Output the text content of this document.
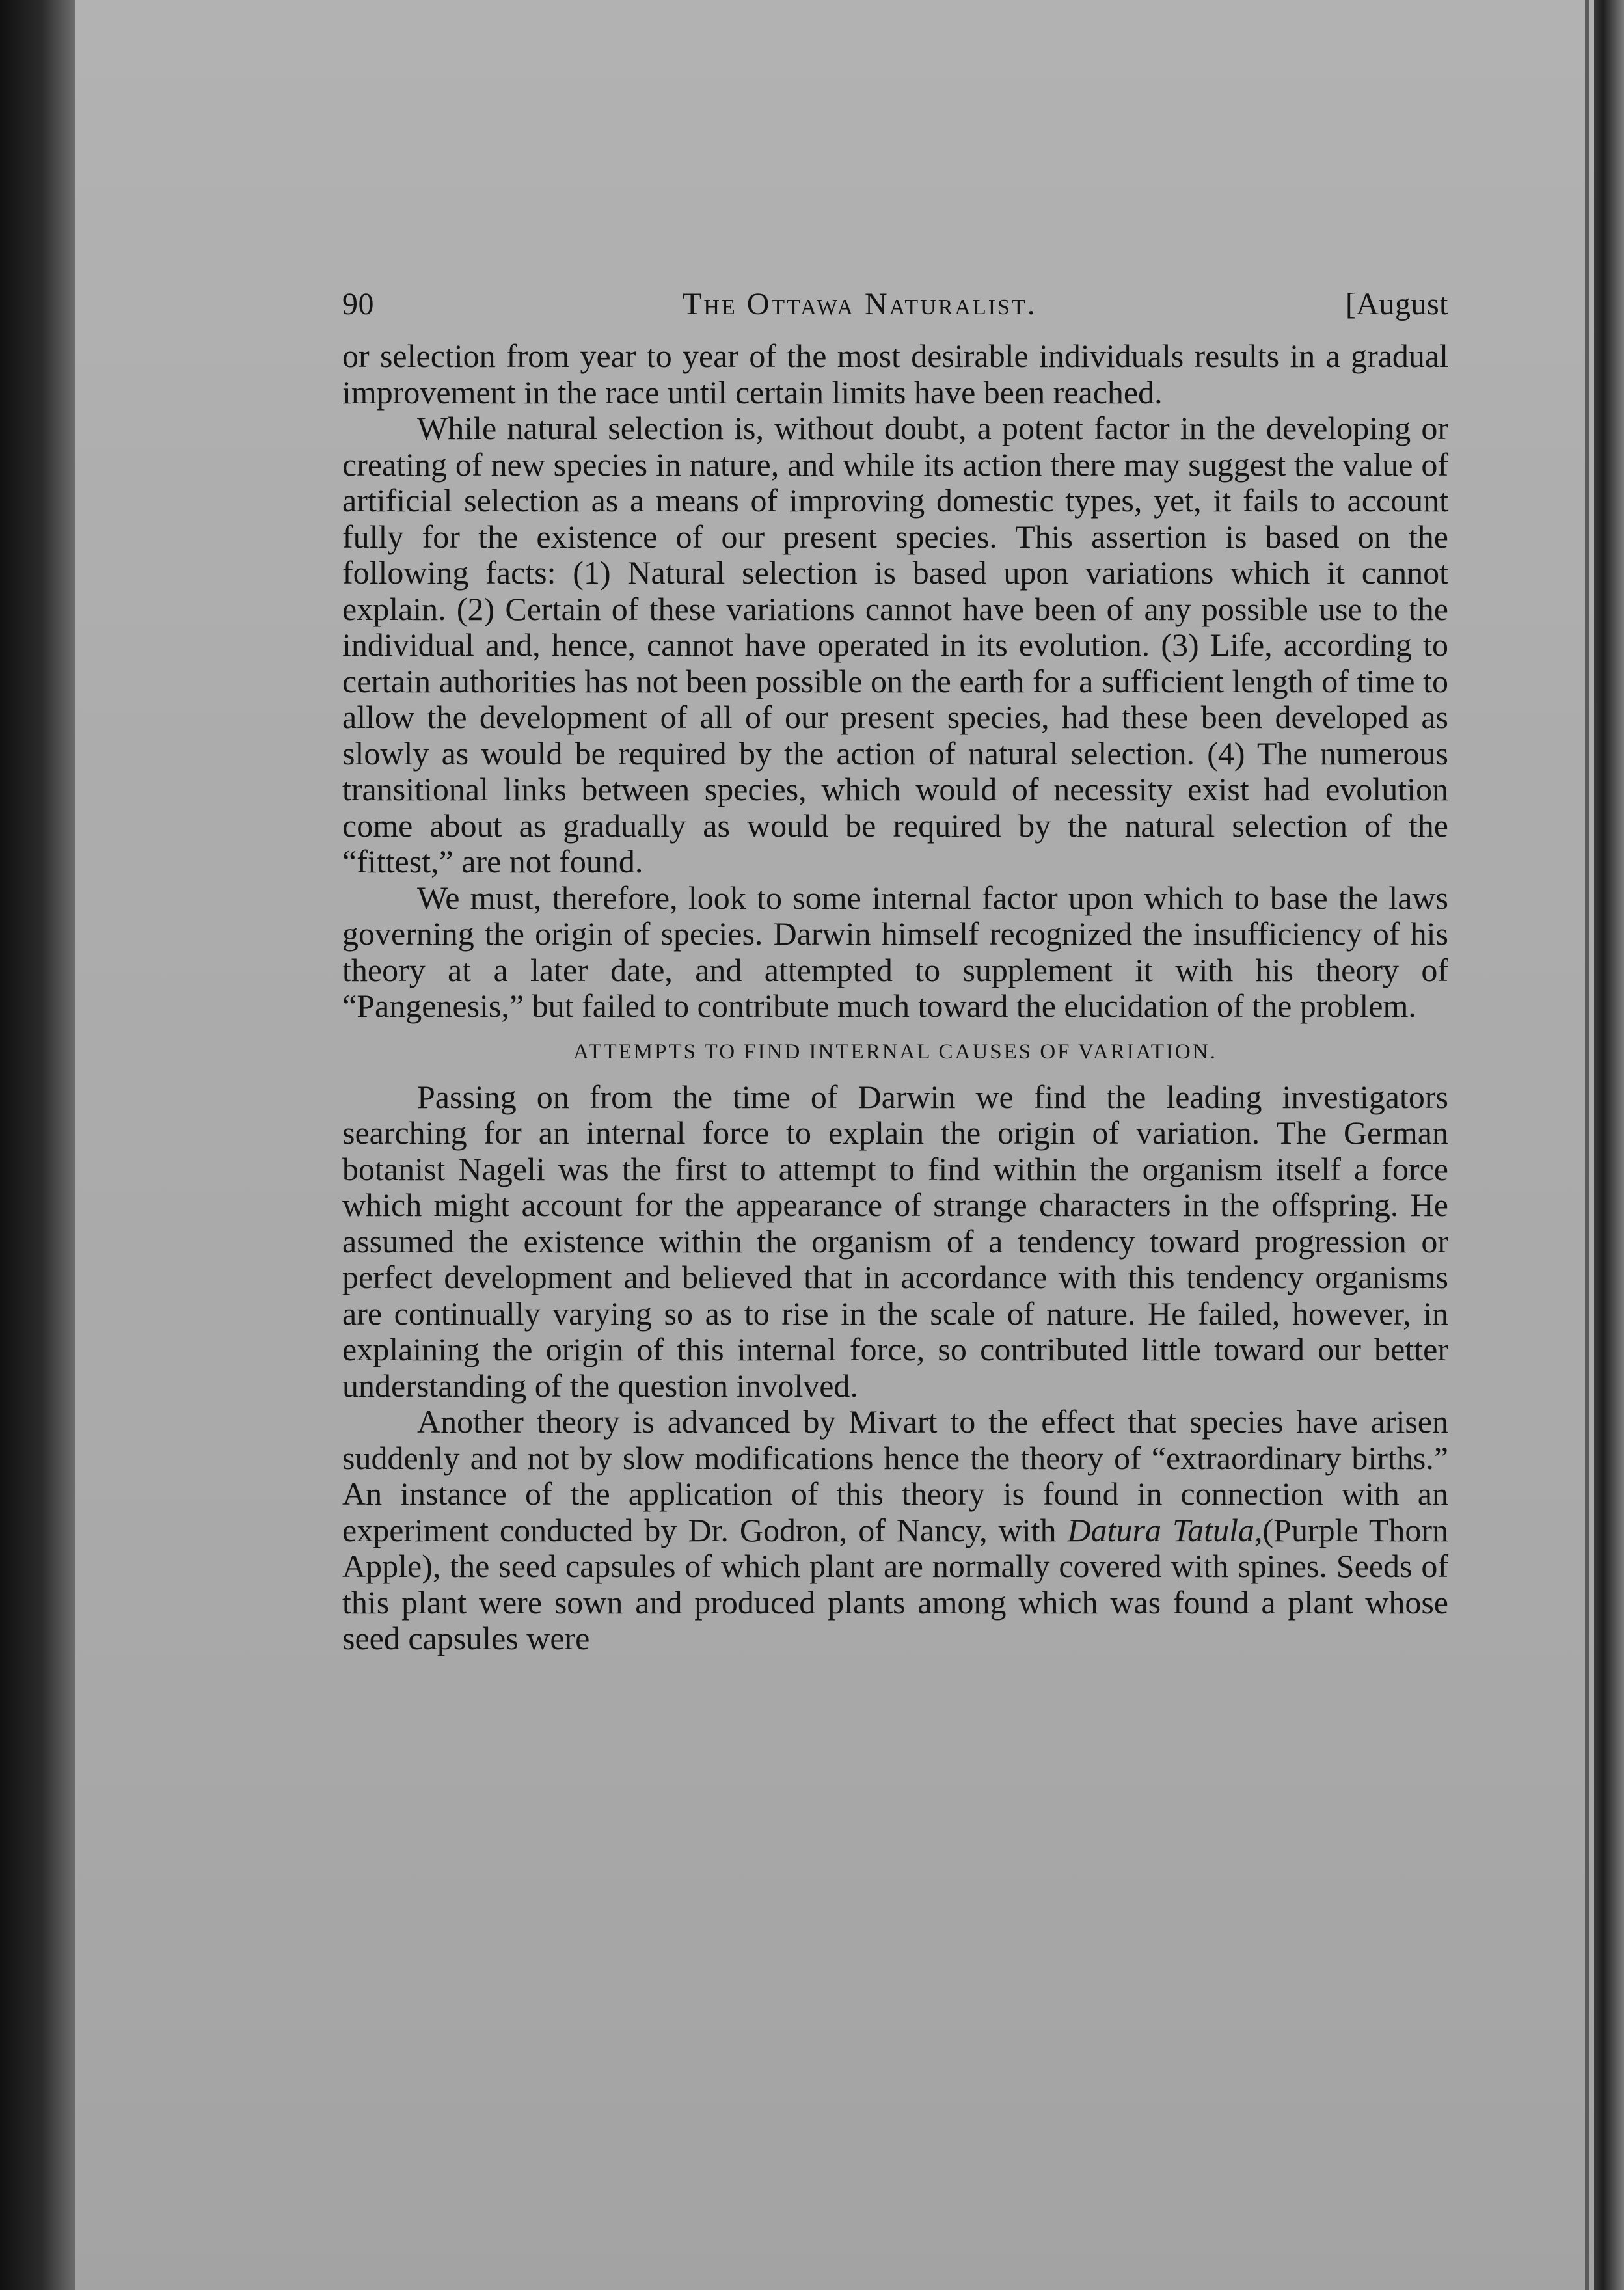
90	The Ottawa Naturalist.	[August

or selection from year to year of the most desirable individuals results in a gradual improvement in the race until certain limits have been reached.

While natural selection is, without doubt, a potent factor in the developing or creating of new species in nature, and while its action there may suggest the value of artificial selection as a means of improving domestic types, yet, it fails to account fully for the existence of our present species. This assertion is based on the following facts: (1) Natural selection is based upon variations which it cannot explain. (2) Certain of these variations cannot have been of any possible use to the individual and, hence, cannot have operated in its evolution. (3) Life, according to certain authorities has not been possible on the earth for a sufficient length of time to allow the development of all of our present species, had these been developed as slowly as would be required by the action of natural selection. (4) The numerous transitional links between species, which would of necessity exist had evolution come about as gradually as would be required by the natural selection of the “fittest,” are not found.

We must, therefore, look to some internal factor upon which to base the laws governing the origin of species. Darwin himself recognized the insufficiency of his theory at a later date, and attempted to supplement it with his theory of “Pangenesis,” but failed to contribute much toward the elucidation of the problem.

ATTEMPTS TO FIND INTERNAL CAUSES OF VARIATION.

Passing on from the time of Darwin we find the leading investigators searching for an internal force to explain the origin of variation. The German botanist Nageli was the first to attempt to find within the organism itself a force which might account for the appearance of strange characters in the offspring. He assumed the existence within the organism of a tendency toward progression or perfect development and believed that in accordance with this tendency organisms are continually varying so as to rise in the scale of nature. He failed, however, in explaining the origin of this internal force, so contributed little toward our better understanding of the question involved.

Another theory is advanced by Mivart to the effect that species have arisen suddenly and not by slow modifications hence the theory of “extraordinary births.” An instance of the application of this theory is found in connection with an experiment conducted by Dr. Godron, of Nancy, with Datura Tatula,(Purple Thorn Apple), the seed capsules of which plant are normally covered with spines. Seeds of this plant were sown and produced plants among which was found a plant whose seed capsules were
